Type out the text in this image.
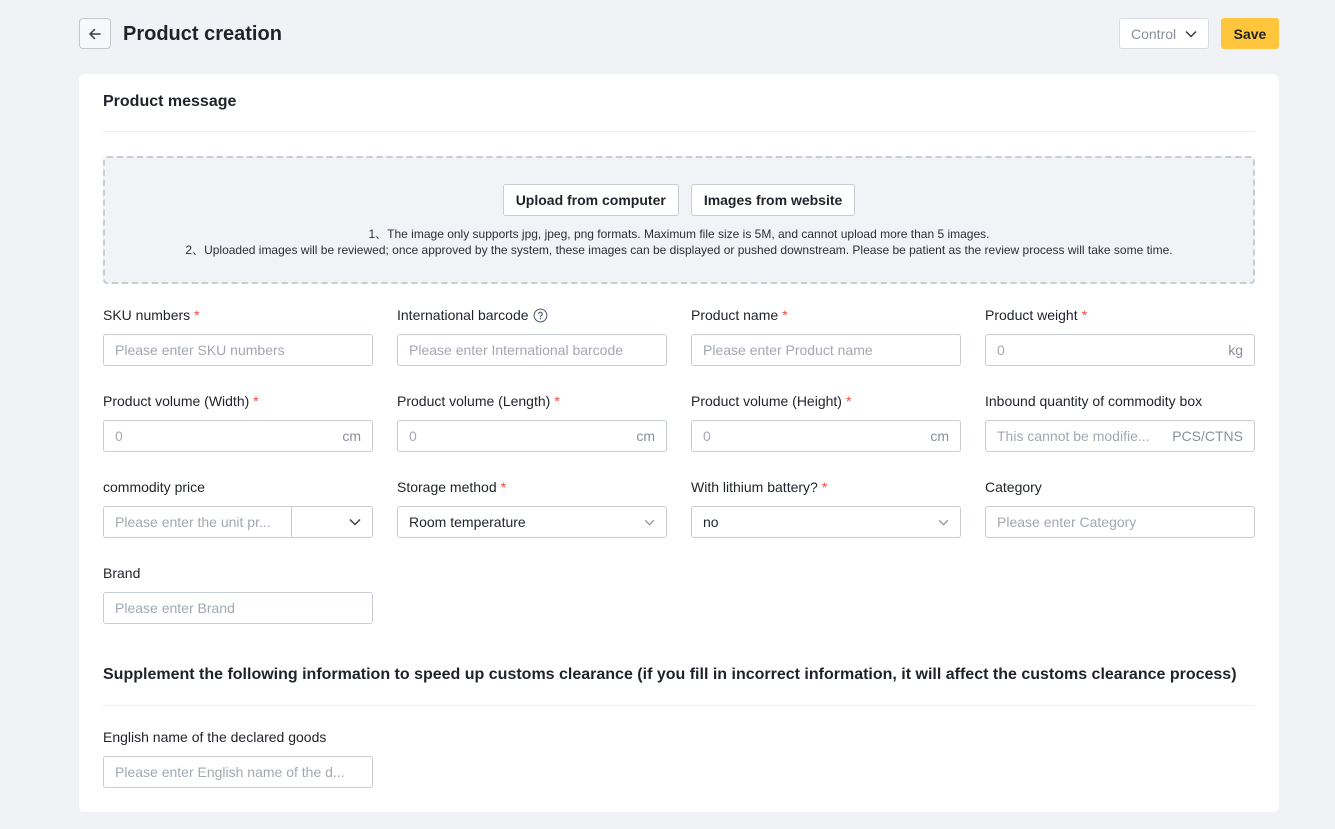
Product creation	Control	Save
Product message
Upload from computer	Images from website
1、The image only supports jpg, jpeg, png formats. Maximum file size is 5M, and cannot upload more than 5 images.
2、Uploaded images will be reviewed; once approved by the system, these images can be displayed or pushed downstream. Please be patient as the review process will take some time.
SKU numbers *
Please enter SKU numbers
International barcode
Please enter International barcode
Product name *
Please enter Product name
Product weight *
0	kg
Product volume (Width) *
0	cm
Product volume (Length) *
0	cm
Product volume (Height) *
0	cm
Inbound quantity of commodity box
This cannot be modifie... PCS/CTNS
commodity price
Please enter the unit pr...
Storage method *
Room temperature
With lithium battery? *
no
Category
Please enter Category
Brand
Please enter Brand
Supplement the following information to speed up customs clearance (if you fill in incorrect information, it will affect the customs clearance process)
English name of the declared goods
Please enter English name of the d...
